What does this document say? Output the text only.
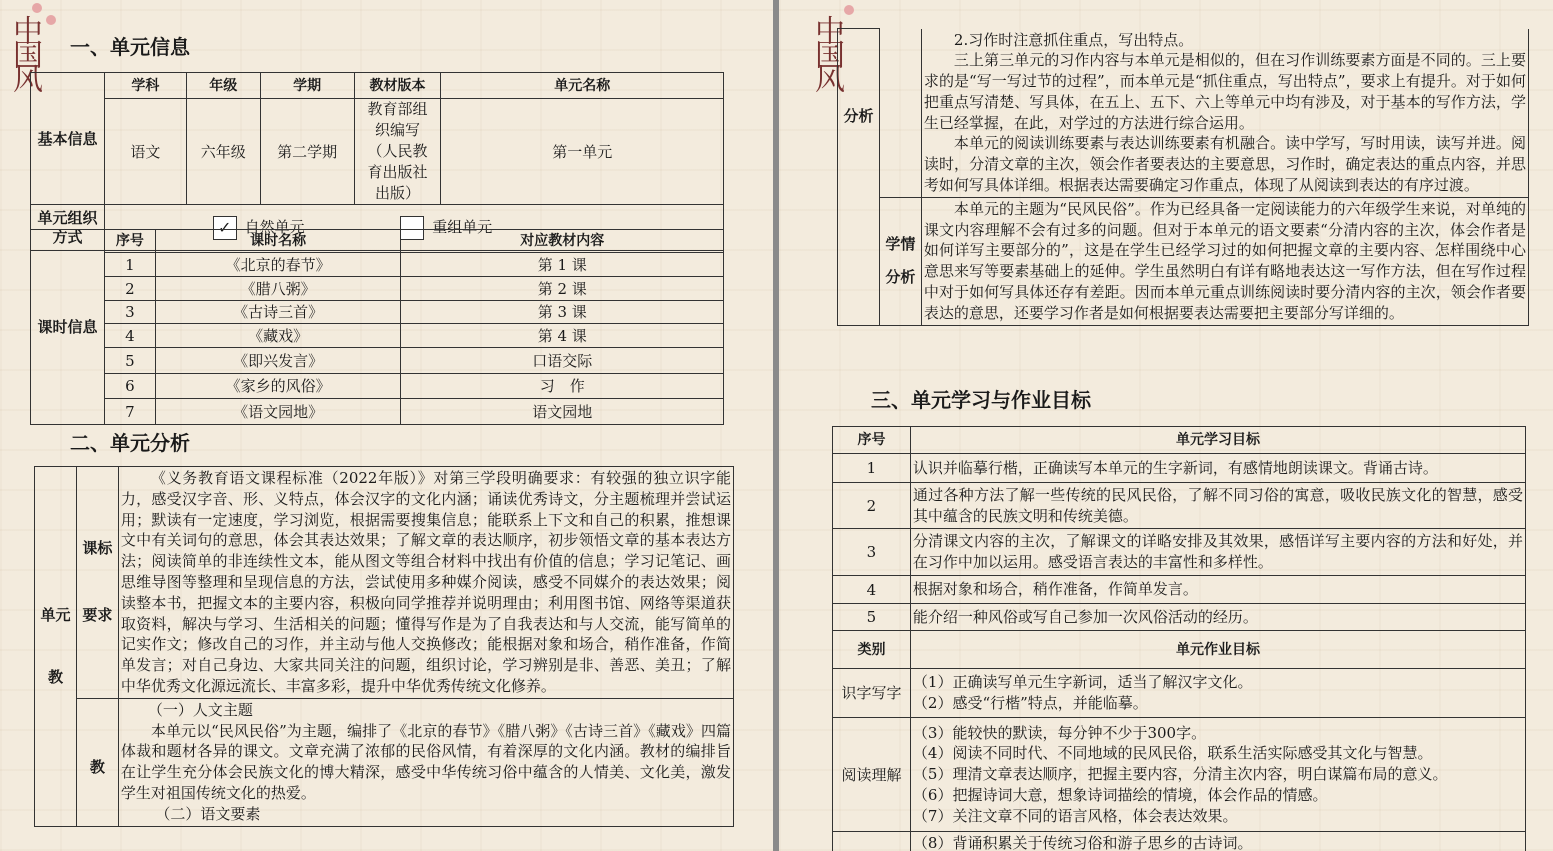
中国风 一、单元信息
基本信息	学科	年级	学期	教材版本	单元名称
	语文	六年级	第二学期	教育部组织编写（人民教育出版社出版）	第一单元
单元组织方式	✓ 自然单元 重组单元				
课时信息	序号	课时名称	对应教材内容
	1	《北京的春节》	第 1 课
	2	《腊八粥》	第 2 课
	3	《古诗三首》	第 3 课
	4	《藏戏》	第 4 课
	5	《即兴发言》	口语交际
	6	《家乡的风俗》	习　作
	7	《语文园地》	语文园地
二、单元分析
单元教	课标要求	《义务教育语文课程标准（2022年版）》对第三学段明确要求：有较强的独立识字能力，感受汉字音、形、义特点，体会汉字的文化内涵；诵读优秀诗文，分主题梳理并尝试运用；默读有一定速度，学习浏览，根据需要搜集信息；能联系上下文和自己的积累，推想课文中有关词句的意思，体会其表达效果；了解文章的表达顺序，初步领悟文章的基本表达方法；阅读简单的非连续性文本，能从图文等组合材料中找出有价值的信息；学习记笔记、画思维导图等整理和呈现信息的方法，尝试使用多种媒介阅读，感受不同媒介的表达效果；阅读整本书，把握文本的主要内容，积极向同学推荐并说明理由；利用图书馆、网络等渠道获取资料，解决与学习、生活相关的问题；懂得写作是为了自我表达和与人交流，能写简单的记实作文；修改自己的习作，并主动与他人交换修改；能根据对象和场合，稍作准备，作简单发言；对自己身边、大家共同关注的问题，组织讨论，学习辨别是非、善恶、美丑；了解中华优秀文化源远流长、丰富多彩，提升中华优秀传统文化修养。

	教	（一）人文主题

本单元以“民风民俗”为主题，编排了《北京的春节》《腊八粥》《古诗三首》《藏戏》四篇体裁和题材各异的课文。文章充满了浓郁的民俗风情，有着深厚的文化内涵。教材的编排旨在让学生充分体会民族文化的博大精深，感受中华传统习俗中蕴含的人情美、文化美，激发学生对祖国传统文化的热爱。

（二）语文要素

中国风
分析		2.习作时注意抓住重点，写出特点。

三上第三单元的习作内容与本单元是相似的，但在习作训练要素方面是不同的。三上要求的是“写一写过节的过程”，而本单元是“抓住重点，写出特点”，要求上有提升。对于如何把重点写清楚、写具体，在五上、五下、六上等单元中均有涉及，对于基本的写作方法，学生已经掌握，在此，对学过的方法进行综合运用。

本单元的阅读训练要素与表达训练要素有机融合。读中学写，写时用读，读写并进。阅读时，分清文章的主次，领会作者要表达的主要意思，习作时，确定表达的重点内容，并思考如何写具体详细。根据表达需要确定习作重点，体现了从阅读到表达的有序过渡。

	学情分析	本单元的主题为“民风民俗”。作为已经具备一定阅读能力的六年级学生来说，对单纯的课文内容理解不会有过多的问题。但对于本单元的语文要素“分清内容的主次，体会作者是如何详写主要部分的”，这是在学生已经学习过的如何把握文章的主要内容、怎样围绕中心意思来写等要素基础上的延伸。学生虽然明白有详有略地表达这一写作方法，但在写作过程中对于如何写具体还存有差距。因而本单元重点训练阅读时要分清内容的主次，领会作者要表达的意思，还要学习作者是如何根据要表达需要把主要部分写详细的。

三、单元学习与作业目标
序号	单元学习目标
1	认识并临摹行楷，正确读写本单元的生字新词，有感情地朗读课文。背诵古诗。
2	通过各种方法了解一些传统的民风民俗，了解不同习俗的寓意，吸收民族文化的智慧，感受其中蕴含的民族文明和传统美德。
3	分清课文内容的主次，了解课文的详略安排及其效果，感悟详写主要内容的方法和好处，并在习作中加以运用。感受语言表达的丰富性和多样性。
4	根据对象和场合，稍作准备，作简单发言。
5	能介绍一种风俗或写自己参加一次风俗活动的经历。
类别	单元作业目标
识字写字	（1）正确读写单元生字新词，适当了解汉字文化。

（2）感受“行楷”特点，并能临摹。

阅读理解	（3）能较快的默读，每分钟不少于300字。

（4）阅读不同时代、不同地域的民风民俗，联系生活实际感受其文化与智慧。

（5）理清文章表达顺序，把握主要内容，分清主次内容，明白谋篇布局的意义。

（6）把握诗词大意，想象诗词描绘的情境，体会作品的情感。

（7）关注文章不同的语言风格，体会表达效果。

	（8）背诵积累关于传统习俗和游子思乡的古诗词。
